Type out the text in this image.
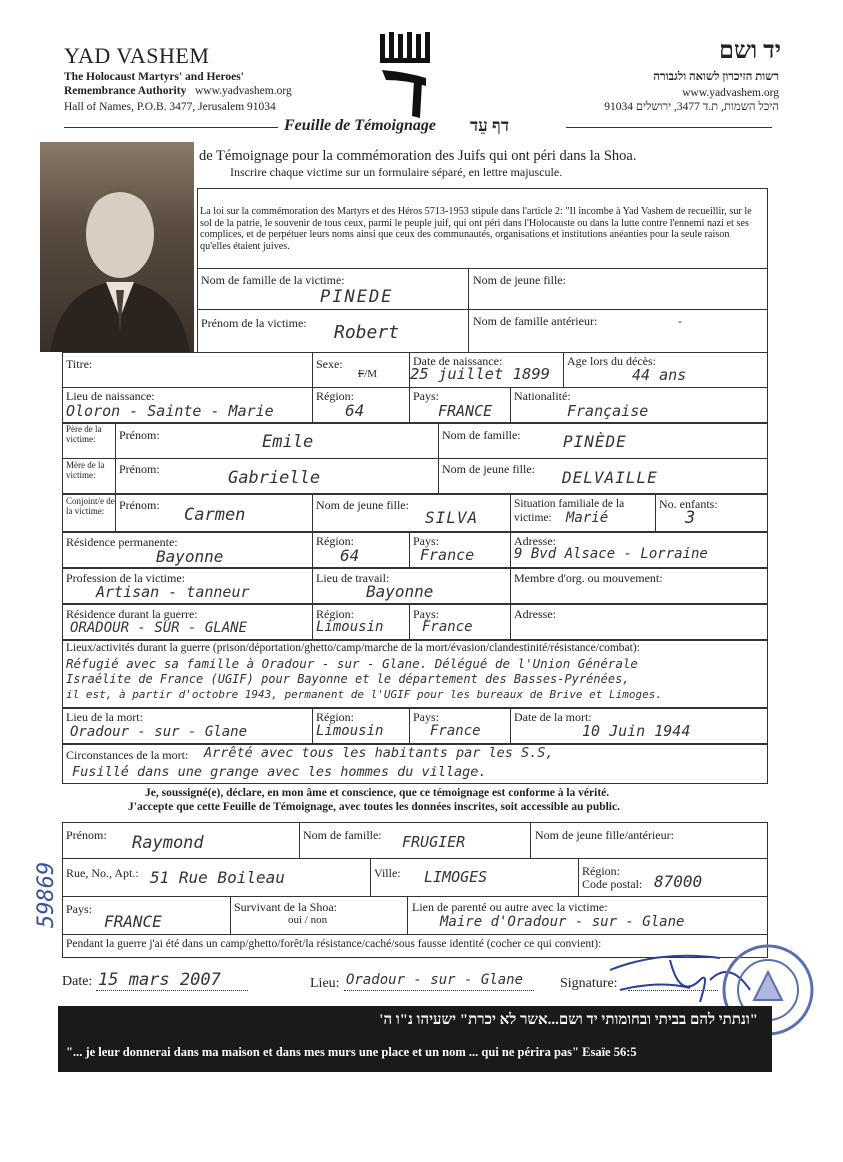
YAD VASHEM
The Holocaust Martyrs' and Heroes'
Remembrance Authority www.yadvashem.org
Hall of Names, P.O.B. 3477, Jerusalem 91034
יד ושם
רשות הזיכרון לשואה ולגבורה
www.yadvashem.org
היכל השמות, ת.ד 3477, ירושלים 91034
Feuille de Témoignage דף עֵד
de Témoignage pour la commémoration des Juifs qui ont péri dans la Shoa.
Inscrire chaque victime sur un formulaire séparé, en lettre majuscule.
La loi sur la commémoration des Martyrs et des Héros 5713-1953 stipule dans l'article 2: "Il incombe à Yad Vashem de recueillir, sur le sol de la patrie, le souvenir de tous ceux, parmi le peuple juif, qui ont péri dans l'Holocauste ou dans la lutte contre l'ennemi nazi et ses complices, et de perpétuer leurs noms ainsi que ceux des communautés, organisations et institutions anéanties pour la seule raison qu'elles étaient juives.
Nom de famille de la victime:
PINEDE
Nom de jeune fille:
Prénom de la victime: Robert
Nom de famille antérieur:	-
Titre:	Sexe:
F/M
Date de naissance:
25 juillet 1899
Age lors du décès:
44 ans
Lieu de naissance:
Oloron - Sainte - Marie
Région:
64
Pays:
FRANCE
Nationalité:
Française
Père de la victime:	Prénom:	Emile	Nom de famille:	PINÈDE
Mère de la victime:	Prénom:	Gabrielle	Nom de jeune fille: DELVAILLE
Conjoint/e de la victime:	Prénom: Carmen	Nom de jeune fille:
SILVA
Situation familiale de la victime:	Marié
No. enfants:
3
Résidence permanente:
Bayonne
Région:
64
Pays:
France
Adresse:
9 Bvd Alsace - Lorraine
Profession de la victime:
Artisan - tanneur
Lieu de travail:
Bayonne
Membre d'org. ou mouvement:
Résidence durant la guerre:
ORADOUR - SUR - GLANE
Région:
Limousin
Pays:
France
Adresse:
Lieux/activités durant la guerre (prison/déportation/ghetto/camp/marche de la mort/évasion/clandestinité/résistance/combat):
Réfugié avec sa famille à Oradour - sur - Glane. Délégué de l'Union Générale
Israélite de France (UGIF) pour Bayonne et le département des Basses-Pyrénées,
il est, à partir d'octobre 1943, permanent de l'UGIF pour les bureaux de Brive et Limoges.
Lieu de la mort:
Oradour - sur - Glane
Région:
Limousin
Pays:
France
Date de la mort:
10 Juin 1944
Circonstances de la mort: Arrêté avec tous les habitants par les S.S,
Fusillé dans une grange avec les hommes du village.
Je, soussigné(e), déclare, en mon âme et conscience, que ce témoignage est conforme à la vérité.
J'accepte que cette Feuille de Témoignage, avec toutes les données inscrites, soit accessible au public.
Prénom: Raymond	Nom de famille: FRUGIER	Nom de jeune fille/antérieur:
Rue, No., Apt.: 51 Rue Boileau	Ville: LIMOGES	Région:
Code postal: 87000
Pays:
FRANCE
Survivant de la Shoa:
oui / non
Lien de parenté ou autre avec la victime:
Maire d'Oradour - sur - Glane
Pendant la guerre j'ai été dans un camp/ghetto/forêt/la résistance/caché/sous fausse identité (cocher ce qui convient):
59869
Date: 15 mars 2007	Lieu: Oradour - sur - Glane	Signature:
"ונתתי להם בביתי ובחומותי יד ושם...אשר לא יכרת" ישעיהו נ"ו ה'
"... je leur donnerai dans ma maison et dans mes murs une place et un nom ... qui ne périra pas" Esaïe 56:5
